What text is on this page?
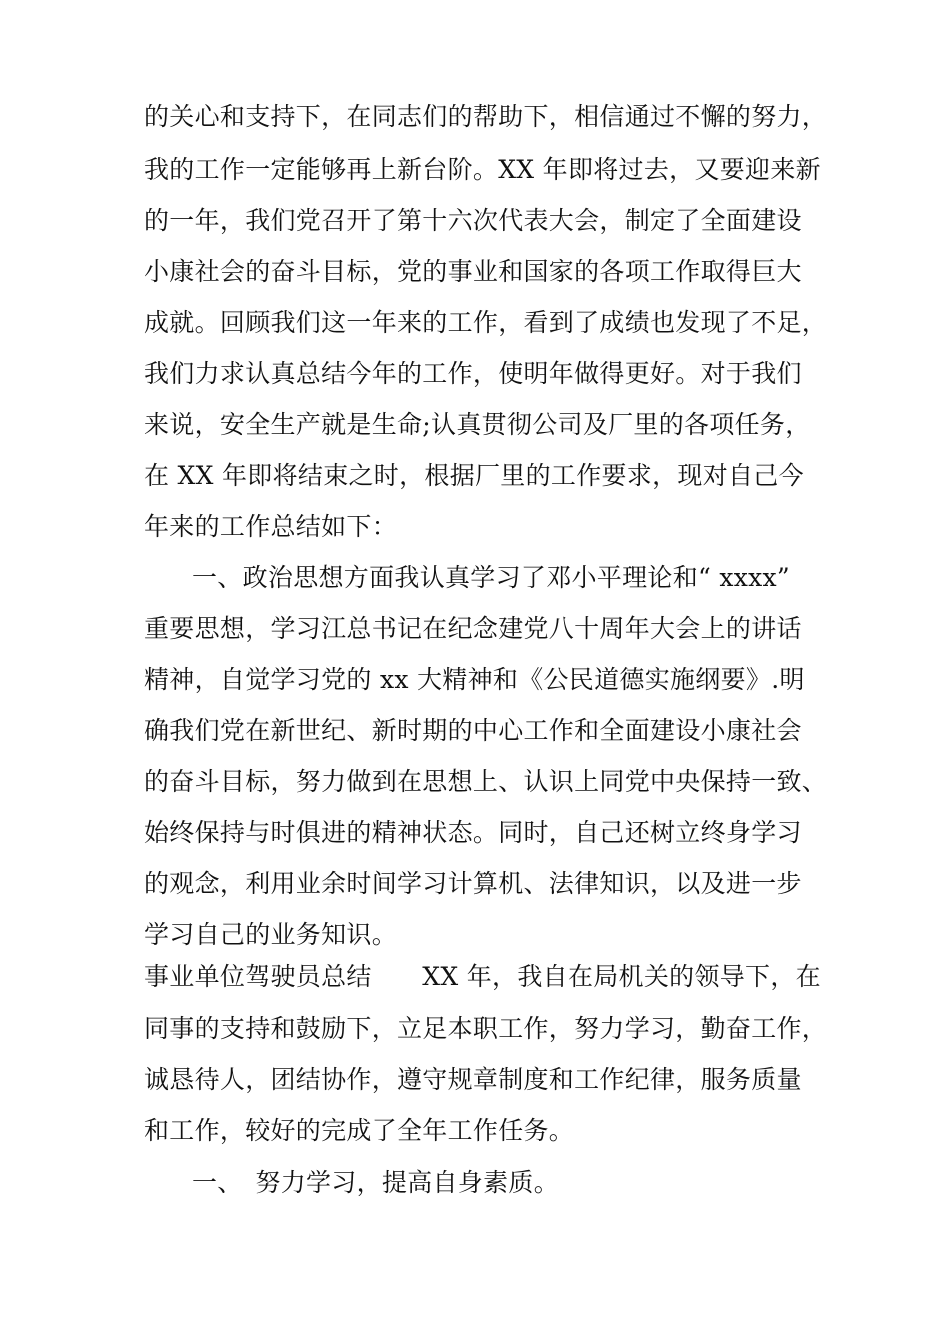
的关心和支持下，在同志们的帮助下，相信通过不懈的努力，
我的工作一定能够再上新台阶。XX 年即将过去，又要迎来新
的一年，我们党召开了第十六次代表大会，制定了全面建设
小康社会的奋斗目标，党的事业和国家的各项工作取得巨大
成就。回顾我们这一年来的工作，看到了成绩也发现了不足，
我们力求认真总结今年的工作，使明年做得更好。对于我们
来说，安全生产就是生命;认真贯彻公司及厂里的各项任务，
在 XX 年即将结束之时，根据厂里的工作要求，现对自己今
年来的工作总结如下：
一、政治思想方面我认真学习了邓小平理论和“ xxxx”
重要思想，学习江总书记在纪念建党八十周年大会上的讲话
精神，自觉学习党的 xx 大精神和《公民道德实施纲要》.明
确我们党在新世纪、新时期的中心工作和全面建设小康社会
的奋斗目标，努力做到在思想上、认识上同党中央保持一致、
始终保持与时俱进的精神状态。同时，自己还树立终身学习
的观念，利用业余时间学习计算机、法律知识，以及进一步
学习自己的业务知识。
事业单位驾驶员总结　　XX 年，我自在局机关的领导下，在
同事的支持和鼓励下，立足本职工作，努力学习，勤奋工作，
诚恳待人，团结协作，遵守规章制度和工作纪律，服务质量
和工作，较好的完成了全年工作任务。
一、　努力学习，提高自身素质。
